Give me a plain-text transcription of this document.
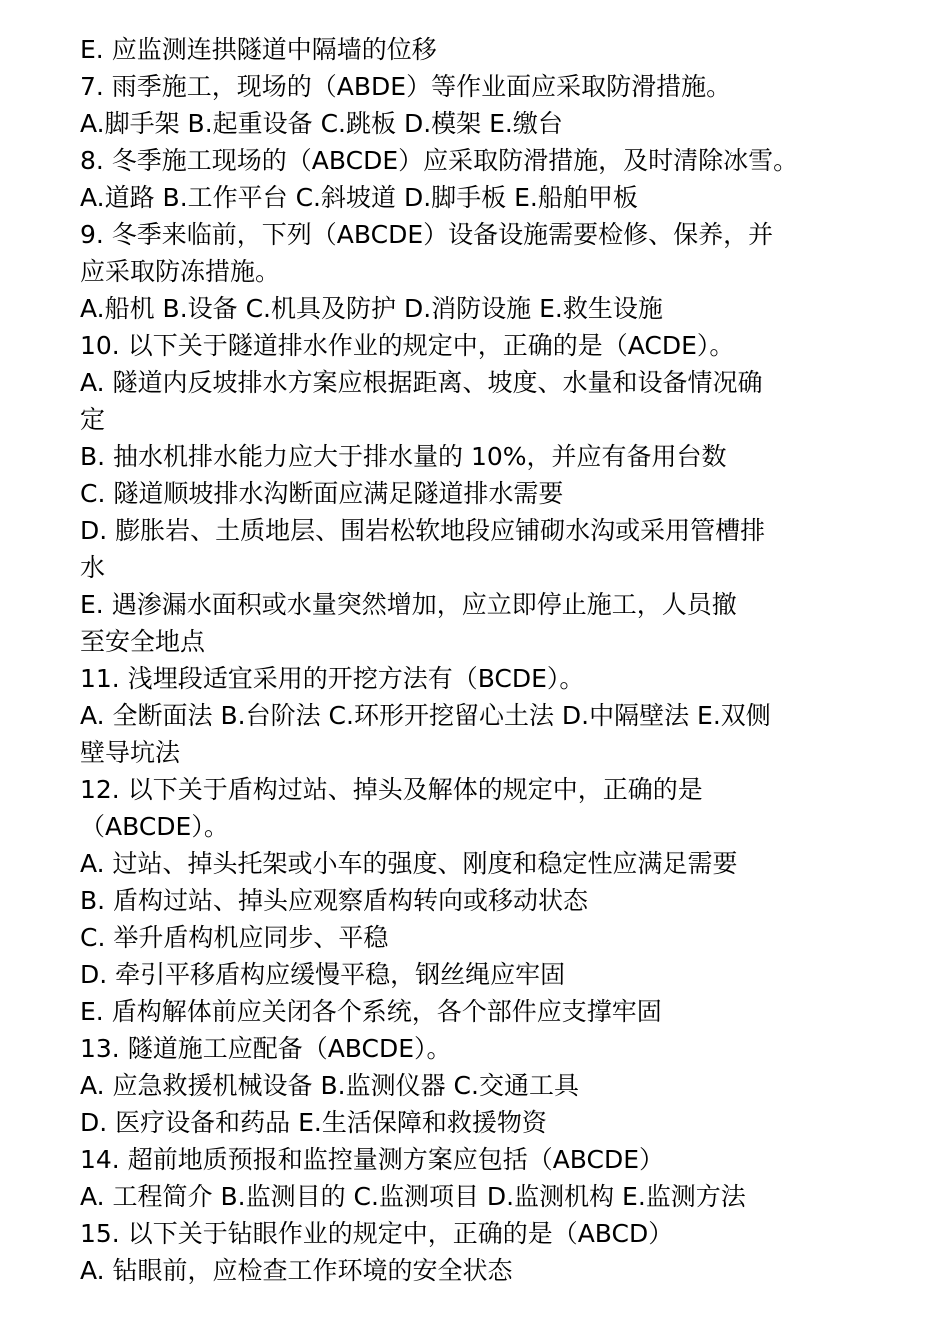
E. 应监测连拱隧道中隔墙的位移
7. 雨季施工，现场的（ABDE）等作业面应采取防滑措施。
A.脚手架 B.起重设备 C.跳板 D.模架 E.缴台
8. 冬季施工现场的（ABCDE）应采取防滑措施，及时清除冰雪。
A.道路 B.工作平台 C.斜坡道 D.脚手板 E.船舶甲板
9. 冬季来临前，下列（ABCDE）设备设施需要检修、保养，并
应采取防冻措施。
A.船机 B.设备 C.机具及防护 D.消防设施 E.救生设施
10. 以下关于隧道排水作业的规定中，正确的是（ACDE）。
A. 隧道内反坡排水方案应根据距离、坡度、水量和设备情况确
定
B. 抽水机排水能力应大于排水量的 10%，并应有备用台数
C. 隧道顺坡排水沟断面应满足隧道排水需要
D. 膨胀岩、土质地层、围岩松软地段应铺砌水沟或采用管槽排
水
E. 遇渗漏水面积或水量突然增加，应立即停止施工，人员撤
至安全地点
11. 浅埋段适宜采用的开挖方法有（BCDE）。
A. 全断面法 B.台阶法 C.环形开挖留心土法 D.中隔壁法 E.双侧
壁导坑法
12. 以下关于盾构过站、掉头及解体的规定中，正确的是
（ABCDE）。
A. 过站、掉头托架或小车的强度、刚度和稳定性应满足需要
B. 盾构过站、掉头应观察盾构转向或移动状态
C. 举升盾构机应同步、平稳
D. 牵引平移盾构应缓慢平稳，钢丝绳应牢固
E. 盾构解体前应关闭各个系统，各个部件应支撑牢固
13. 隧道施工应配备（ABCDE）。
A. 应急救援机械设备 B.监测仪器 C.交通工具
D. 医疗设备和药品 E.生活保障和救援物资
14. 超前地质预报和监控量测方案应包括（ABCDE）
A. 工程简介 B.监测目的 C.监测项目 D.监测机构 E.监测方法
15. 以下关于钻眼作业的规定中，正确的是（ABCD）
A. 钻眼前，应检查工作环境的安全状态
